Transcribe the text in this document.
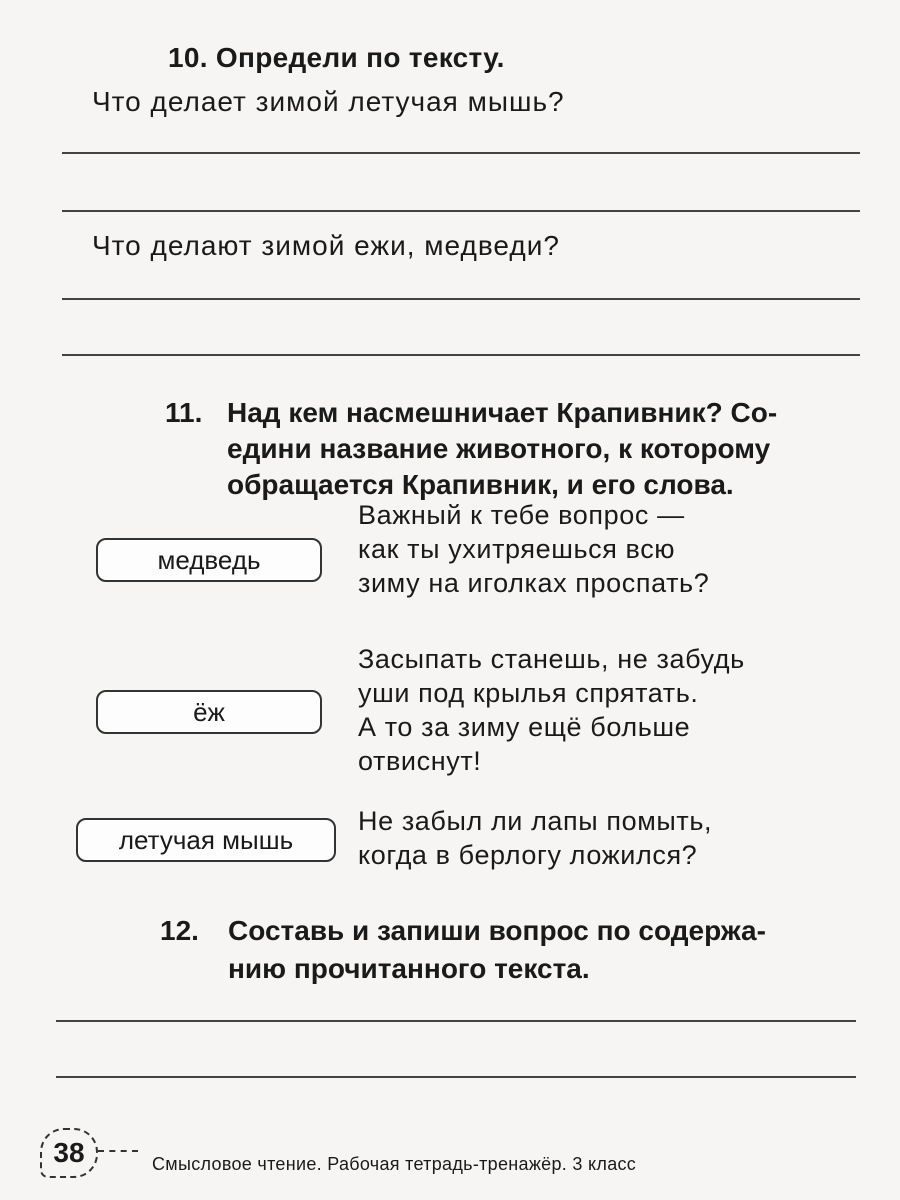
10. Определи по тексту.
Что делает зимой летучая мышь?
Что делают зимой ежи, медведи?
11. Над кем насмешничает Крапивник? Со-
едини название животного, к которому
обращается Крапивник, и его слова.
медведь
ёж
летучая мышь
Важный к тебе вопрос —
как ты ухитряешься всю
зиму на иголках проспать?
Засыпать станешь, не забудь
уши под крылья спрятать.
А то за зиму ещё больше
отвиснут!
Не забыл ли лапы помыть,
когда в берлогу ложился?
12. Составь и запиши вопрос по содержа-
нию прочитанного текста.
38	Смысловое чтение. Рабочая тетрадь-тренажёр. 3 класс
